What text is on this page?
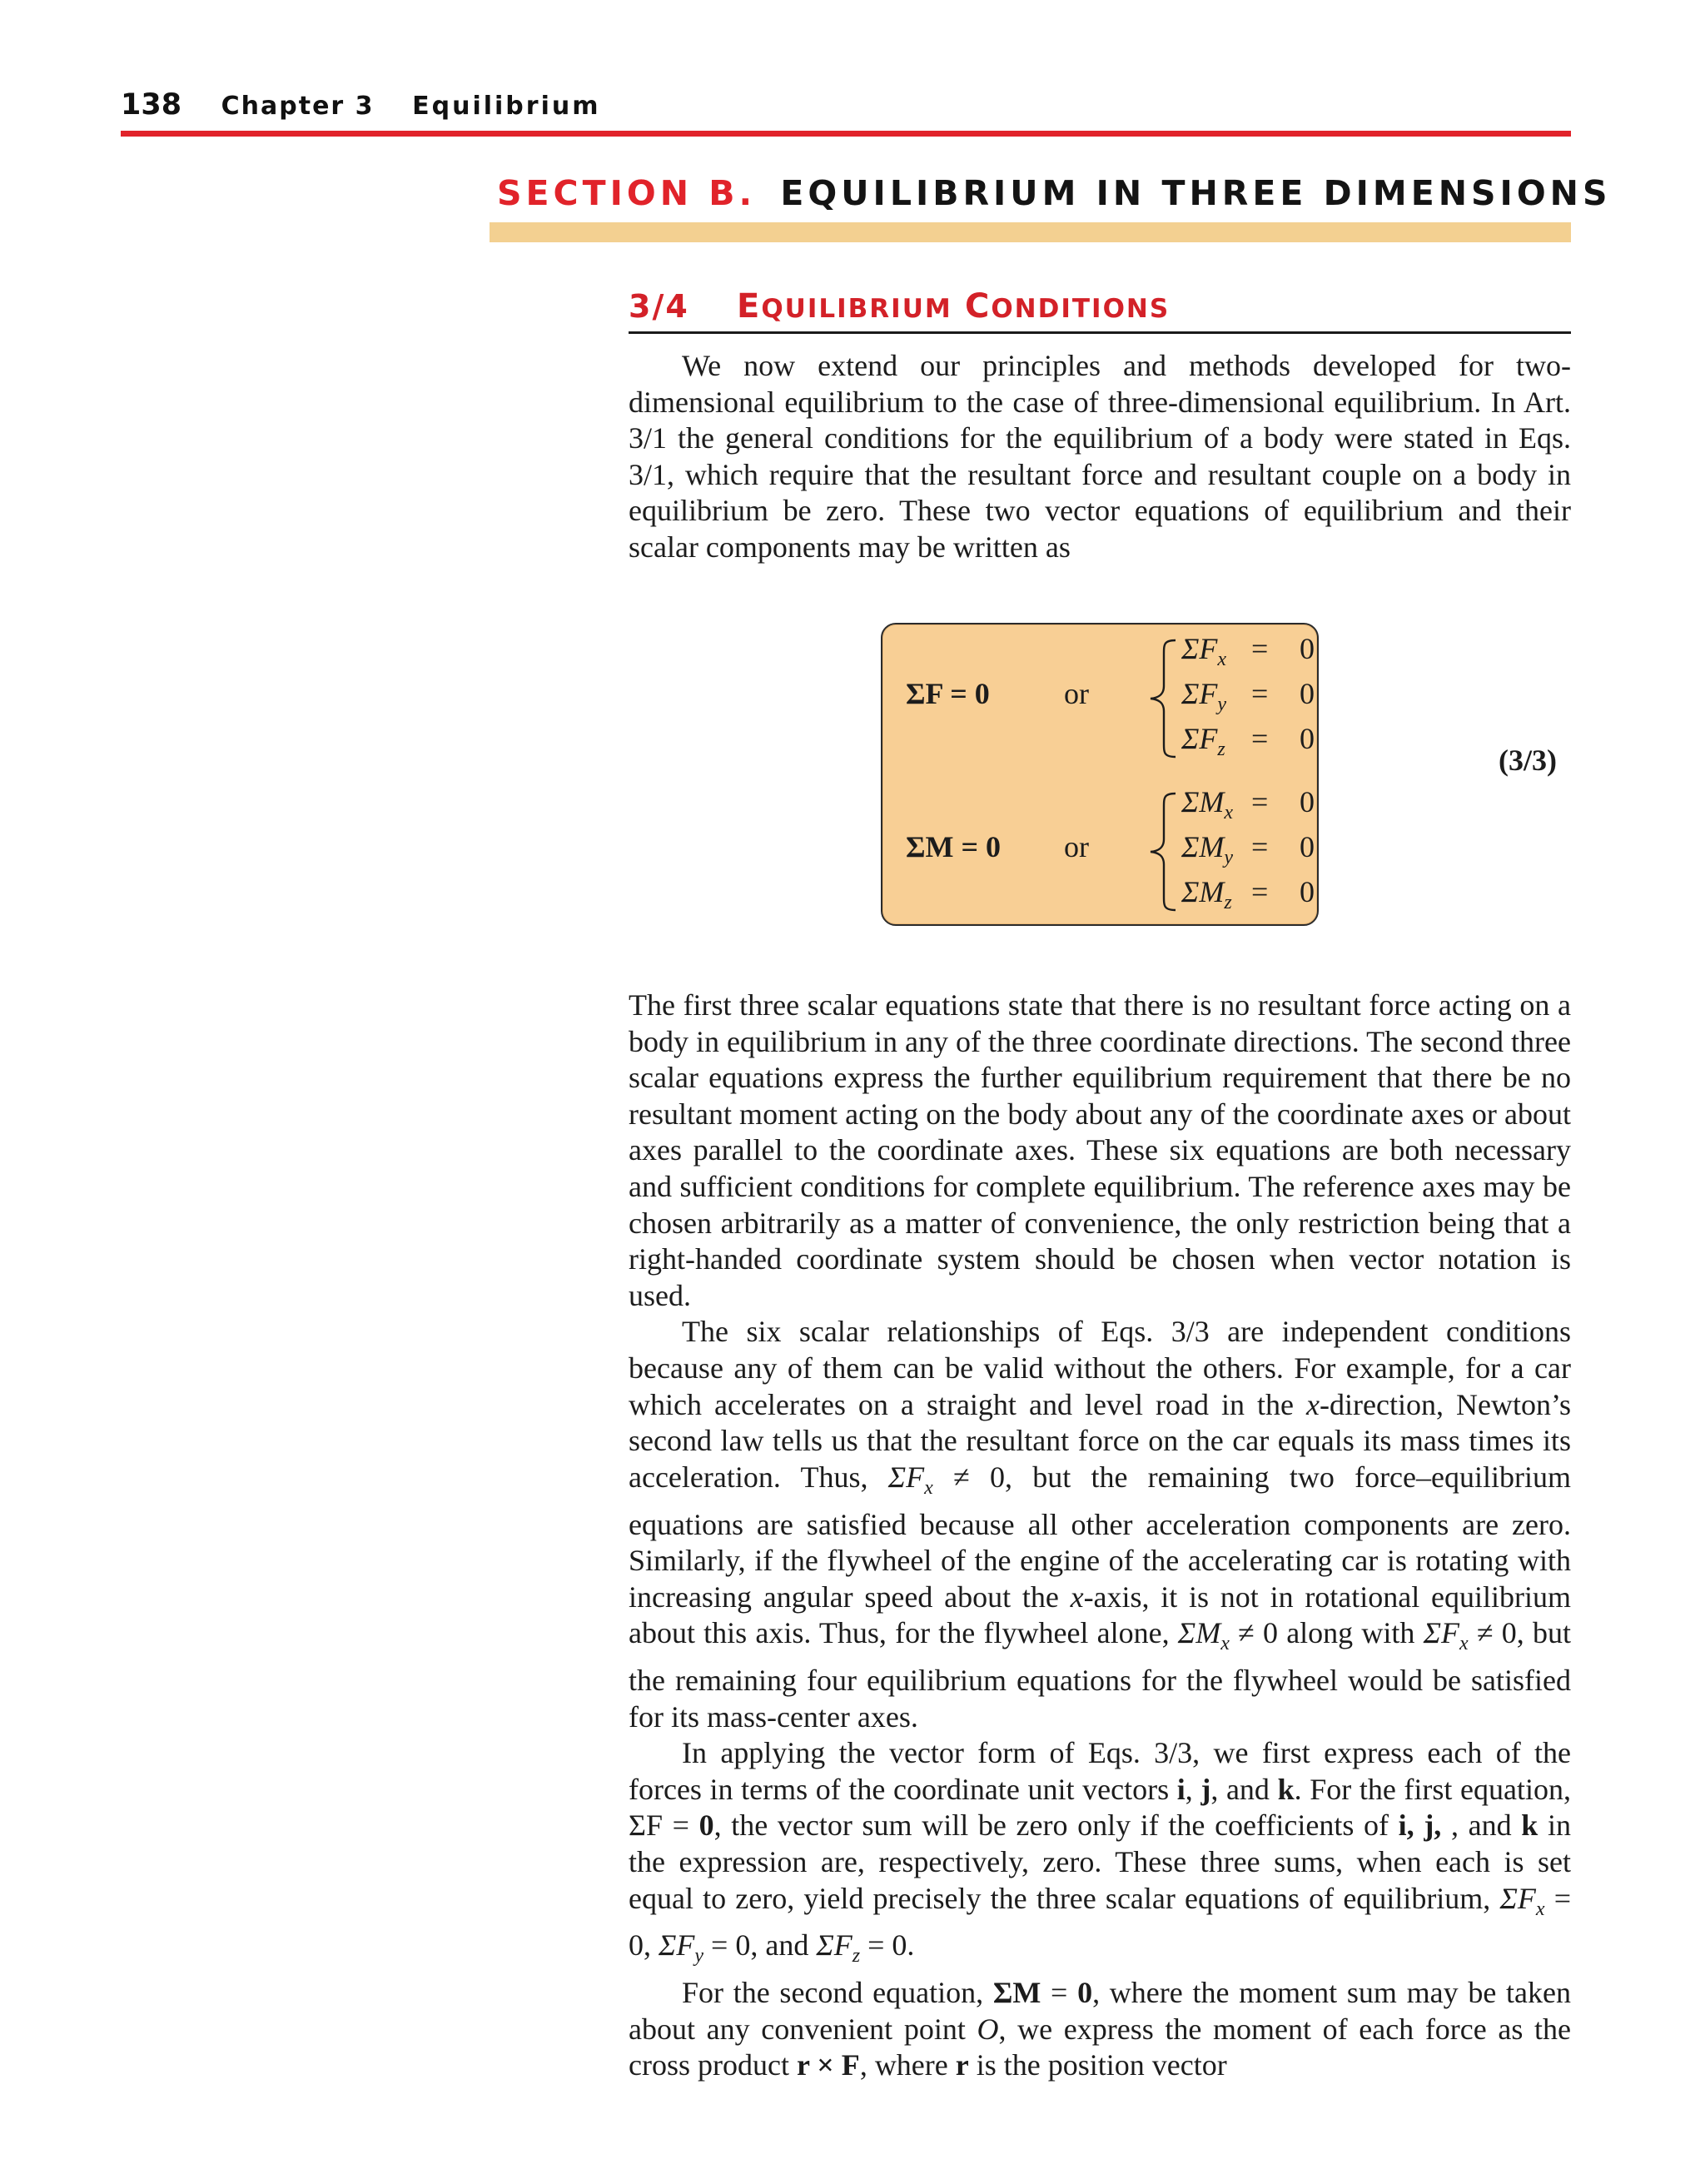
138 Chapter 3 Equilibrium
SECTION B. EQUILIBRIUM IN THREE DIMENSIONS
3/4 EQUILIBRIUM CONDITIONS

We now extend our principles and methods developed for two-dimensional equilibrium to the case of three-dimensional equilibrium. In Art. 3/1 the general conditions for the equilibrium of a body were stated in Eqs. 3/1, which require that the resultant force and resultant couple on a body in equilibrium be zero. These two vector equations of equilibrium and their scalar components may be written as

ΣF = 0 or
$\Sigma F_x = 0$
$\Sigma F_y = 0$
$\Sigma F_z = 0$
ΣM = 0 or
$\Sigma M_x = 0$
$\Sigma M_y = 0$
$\Sigma M_z = 0$
(3/3)

The first three scalar equations state that there is no resultant force acting on a body in equilibrium in any of the three coordinate directions. The second three scalar equations express the further equilibrium requirement that there be no resultant moment acting on the body about any of the coordinate axes or about axes parallel to the coordinate axes. These six equations are both necessary and sufficient conditions for complete equilibrium. The reference axes may be chosen arbitrarily as a matter of convenience, the only restriction being that a right-handed coordinate system should be chosen when vector notation is used.

The six scalar relationships of Eqs. 3/3 are independent conditions because any of them can be valid without the others. For example, for a car which accelerates on a straight and level road in the x-direction, Newton’s second law tells us that the resultant force on the car equals its mass times its acceleration. Thus, $\Sigma F_x \ne 0$, but the remaining two force–equilibrium equations are satisfied because all other acceleration components are zero. Similarly, if the flywheel of the engine of the accelerating car is rotating with increasing angular speed about the x-axis, it is not in rotational equilibrium about this axis. Thus, for the flywheel alone, $\Sigma M_x \ne 0$ along with $\Sigma F_x \ne 0$, but the remaining four equilibrium equations for the flywheel would be satisfied for its mass-center axes.

In applying the vector form of Eqs. 3/3, we first express each of the forces in terms of the coordinate unit vectors i, j, and k. For the first equation, ΣF = 0, the vector sum will be zero only if the coefficients of i, j, , and k in the expression are, respectively, zero. These three sums, when each is set equal to zero, yield precisely the three scalar equations of equilibrium, $\Sigma F_x = 0$, $\Sigma F_y = 0$, and $\Sigma F_z = 0$.

For the second equation, ΣM = 0, where the moment sum may be taken about any convenient point O, we express the moment of each force as the cross product r × F, where r is the position vector
